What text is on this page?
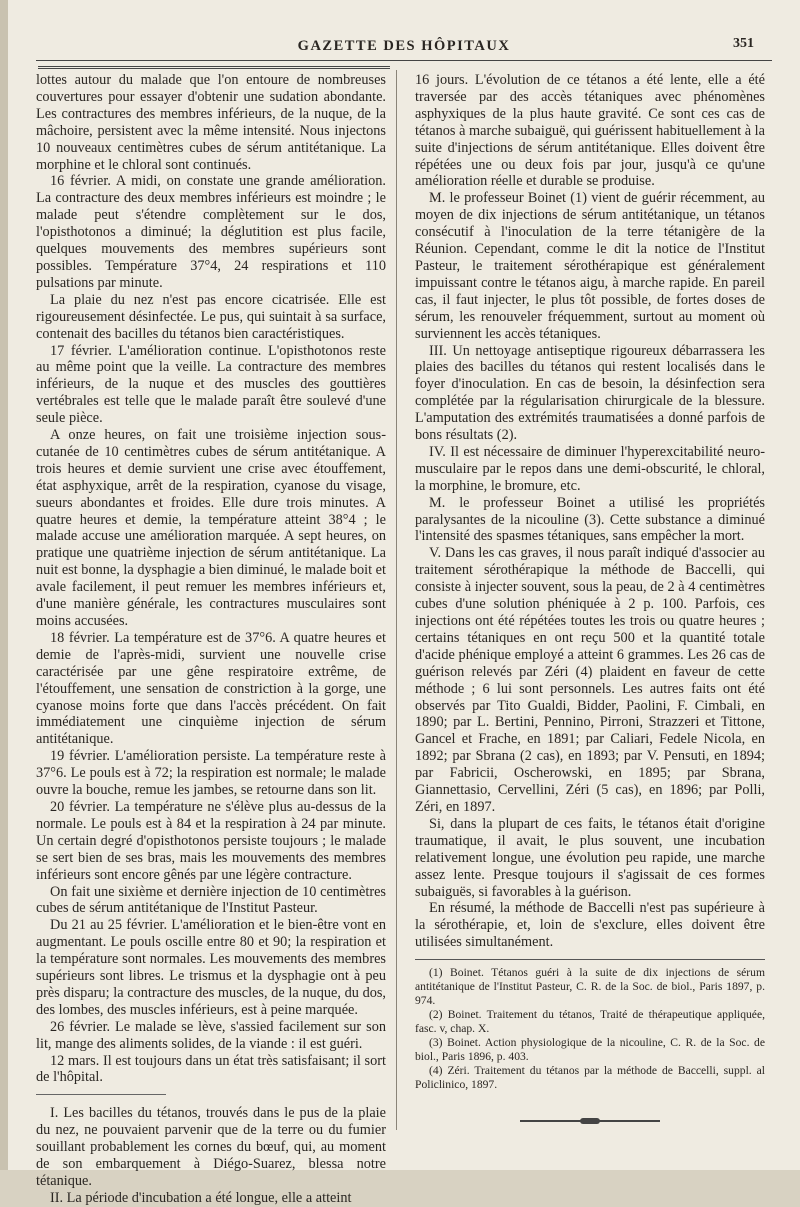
GAZETTE DES HÔPITAUX	351

lottes autour du malade que l'on entoure de nombreuses couvertures pour essayer d'obtenir une sudation abondante. Les contractures des membres inférieurs, de la nuque, de la mâchoire, persistent avec la même intensité. Nous injectons 10 nouveaux centimètres cubes de sérum antitétanique. La morphine et le chloral sont continués.

16 février. A midi, on constate une grande amélioration. La contracture des deux membres inférieurs est moindre ; le malade peut s'étendre complètement sur le dos, l'opisthotonos a diminué; la déglutition est plus facile, quelques mouvements des membres supérieurs sont possibles. Température 37°4, 24 respirations et 110 pulsations par minute.

La plaie du nez n'est pas encore cicatrisée. Elle est rigoureusement désinfectée. Le pus, qui suintait à sa surface, contenait des bacilles du tétanos bien caractéristiques.

17 février. L'amélioration continue. L'opisthotonos reste au même point que la veille. La contracture des membres inférieurs, de la nuque et des muscles des gouttières vertébrales est telle que le malade paraît être soulevé d'une seule pièce.

A onze heures, on fait une troisième injection sous-cutanée de 10 centimètres cubes de sérum antitétanique. A trois heures et demie survient une crise avec étouffement, état asphyxique, arrêt de la respiration, cyanose du visage, sueurs abondantes et froides. Elle dure trois minutes. A quatre heures et demie, la température atteint 38°4 ; le malade accuse une amélioration marquée. A sept heures, on pratique une quatrième injection de sérum antitétanique. La nuit est bonne, la dysphagie a bien diminué, le malade boit et avale facilement, il peut remuer les membres inférieurs et, d'une manière générale, les contractures musculaires sont moins accusées.

18 février. La température est de 37°6. A quatre heures et demie de l'après-midi, survient une nouvelle crise caractérisée par une gêne respiratoire extrême, de l'étouffement, une sensation de constriction à la gorge, une cyanose moins forte que dans l'accès précédent. On fait immédiatement une cinquième injection de sérum antitétanique.

19 février. L'amélioration persiste. La température reste à 37°6. Le pouls est à 72; la respiration est normale; le malade ouvre la bouche, remue les jambes, se retourne dans son lit.

20 février. La température ne s'élève plus au-dessus de la normale. Le pouls est à 84 et la respiration à 24 par minute. Un certain degré d'opisthotonos persiste toujours ; le malade se sert bien de ses bras, mais les mouvements des membres inférieurs sont encore gênés par une légère contracture.

On fait une sixième et dernière injection de 10 centimètres cubes de sérum antitétanique de l'Institut Pasteur.

Du 21 au 25 février. L'amélioration et le bien-être vont en augmentant. Le pouls oscille entre 80 et 90; la respiration et la température sont normales. Les mouvements des membres supérieurs sont libres. Le trismus et la dysphagie ont à peu près disparu; la contracture des muscles, de la nuque, du dos, des lombes, des muscles inférieurs, est à peine marquée.

26 février. Le malade se lève, s'assied facilement sur son lit, mange des aliments solides, de la viande : il est guéri.

12 mars. Il est toujours dans un état très satisfaisant; il sort de l'hôpital.

I. Les bacilles du tétanos, trouvés dans le pus de la plaie du nez, ne pouvaient parvenir que de la terre ou du fumier souillant probablement les cornes du bœuf, qui, au moment de son embarquement à Diégo-Suarez, blessa notre tétanique.

II. La période d'incubation a été longue, elle a atteint

16 jours. L'évolution de ce tétanos a été lente, elle a été traversée par des accès tétaniques avec phénomènes asphyxiques de la plus haute gravité. Ce sont ces cas de tétanos à marche subaiguë, qui guérissent habituellement à la suite d'injections de sérum antitétanique. Elles doivent être répétées une ou deux fois par jour, jusqu'à ce qu'une amélioration réelle et durable se produise.

M. le professeur Boinet (1) vient de guérir récemment, au moyen de dix injections de sérum antitétanique, un tétanos consécutif à l'inoculation de la terre tétanigère de la Réunion. Cependant, comme le dit la notice de l'Institut Pasteur, le traitement sérothérapique est généralement impuissant contre le tétanos aigu, à marche rapide. En pareil cas, il faut injecter, le plus tôt possible, de fortes doses de sérum, les renouveler fréquemment, surtout au moment où surviennent les accès tétaniques.

III. Un nettoyage antiseptique rigoureux débarrassera les plaies des bacilles du tétanos qui restent localisés dans le foyer d'inoculation. En cas de besoin, la désinfection sera complétée par la régularisation chirurgicale de la blessure. L'amputation des extrémités traumatisées a donné parfois de bons résultats (2).

IV. Il est nécessaire de diminuer l'hyperexcitabilité neuro-musculaire par le repos dans une demi-obscurité, le chloral, la morphine, le bromure, etc.

M. le professeur Boinet a utilisé les propriétés paralysantes de la nicouline (3). Cette substance a diminué l'intensité des spasmes tétaniques, sans empêcher la mort.

V. Dans les cas graves, il nous paraît indiqué d'associer au traitement sérothérapique la méthode de Baccelli, qui consiste à injecter souvent, sous la peau, de 2 à 4 centimètres cubes d'une solution phéniquée à 2 p. 100. Parfois, ces injections ont été répétées toutes les trois ou quatre heures ; certains tétaniques en ont reçu 500 et la quantité totale d'acide phénique employé a atteint 6 grammes. Les 26 cas de guérison relevés par Zéri (4) plaident en faveur de cette méthode ; 6 lui sont personnels. Les autres faits ont été observés par Tito Gualdi, Bidder, Paolini, F. Cimbali, en 1890; par L. Bertini, Pennino, Pirroni, Strazzeri et Tittone, Gancel et Frache, en 1891; par Caliari, Fedele Nicola, en 1892; par Sbrana (2 cas), en 1893; par V. Pensuti, en 1894; par Fabricii, Oscherowski, en 1895; par Sbrana, Giannettasio, Cervellini, Zéri (5 cas), en 1896; par Polli, Zéri, en 1897.

Si, dans la plupart de ces faits, le tétanos était d'origine traumatique, il avait, le plus souvent, une incubation relativement longue, une évolution peu rapide, une marche assez lente. Presque toujours il s'agissait de ces formes subaiguës, si favorables à la guérison.

En résumé, la méthode de Baccelli n'est pas supérieure à la sérothérapie, et, loin de s'exclure, elles doivent être utilisées simultanément.

(1) Boinet. Tétanos guéri à la suite de dix injections de sérum antitétanique de l'Institut Pasteur, C. R. de la Soc. de biol., Paris 1897, p. 974.

(2) Boinet. Traitement du tétanos, Traité de thérapeutique appliquée, fasc. v, chap. X.

(3) Boinet. Action physiologique de la nicouline, C. R. de la Soc. de biol., Paris 1896, p. 403.

(4) Zéri. Traitement du tétanos par la méthode de Baccelli, suppl. al Policlinico, 1897.
